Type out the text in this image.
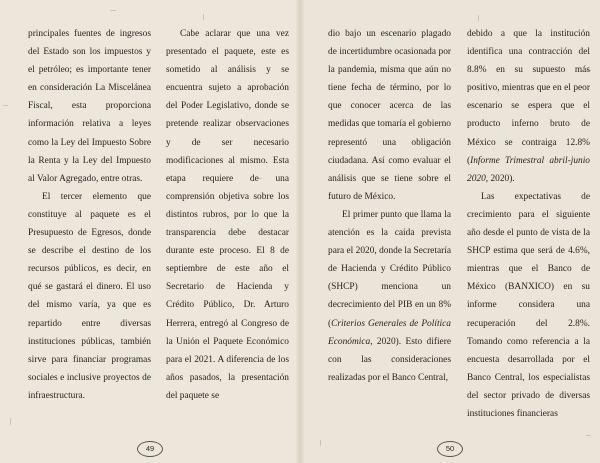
principales fuentes de ingresos del Estado son los impuestos y el petróleo; es importante tener en consideración La Miscelánea Fiscal, esta proporciona información relativa a leyes como la Ley del Impuesto Sobre la Renta y la Ley del Impuesto al Valor Agregado, entre otras.

El tercer elemento que constituye al paquete es el Presupuesto de Egresos, donde se describe el destino de los recursos públicos, es decir, en qué se gastará el dinero. El uso del mismo varía, ya que es repartido entre diversas instituciones públicas, también sirve para financiar programas sociales e inclusive proyectos de infraestructura.

Cabe aclarar que una vez presentado el paquete, este es sometido al análisis y se encuentra sujeto a aprobación del Poder Legislativo, donde se pretende realizar observaciones y de ser necesario modificaciones al mismo. Esta etapa requiere de una comprensión objetiva sobre los distintos rubros, por lo que la transparencia debe destacar durante este proceso. El 8 de septiembre de este año el Secretario de Hacienda y Crédito Público, Dr. Arturo Herrera, entregó al Congreso de la Unión el Paquete Económico para el 2021. A diferencia de los años pasados, la presentación del paquete se

dio bajo un escenario plagado de incertidumbre ocasionada por la pandemia, misma que aún no tiene fecha de término, por lo que conocer acerca de las medidas que tomaría el gobierno representó una obligación ciudadana. Así como evaluar el análisis que se tiene sobre el futuro de México.

El primer punto que llama la atención es la caída prevista para el 2020, donde la Secretaría de Hacienda y Crédito Público (SHCP) menciona un decrecimiento del PIB en un 8% (Criterios Generales de Política Económica, 2020). Esto difiere con las consideraciones realizadas por el Banco Central,

debido a que la institución identifica una contracción del 8.8% en su supuesto más positivo, mientras que en el peor escenario se espera que el producto inferno bruto de México se contraiga 12.8% (Informe Trimestral abril-junio 2020, 2020).

Las expectativas de crecimiento para el siguiente año desde el punto de vista de la SHCP estima que será de 4.6%, mientras que el Banco de México (BANXICO) en su informe considera una recuperación del 2.8%. Tomando como referencia a la encuesta desarrollada por el Banco Central, los especialistas del sector privado de diversas instituciones financieras

49	50
